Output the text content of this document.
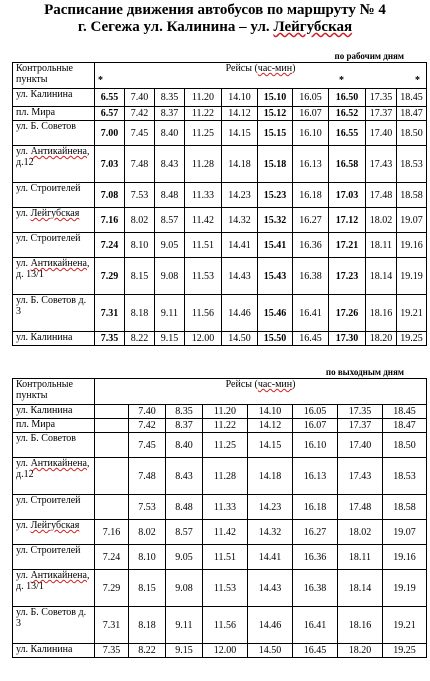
Расписание движения автобусов по маршруту № 4
г. Сегежа ул. Калинина – ул. Лейгубская
по рабочим дням
Контрольные пункты	Рейсы (час-мин)
* * *									

ул. Калинина	6.55	7.40	8.35	11.20	14.10	15.10	16.05	16.50	17.35	18.45
пл. Мира	6.57	7.42	8.37	11.22	14.12	15.12	16.07	16.52	17.37	18.47
ул. Б. Советов	7.00	7.45	8.40	11.25	14.15	15.15	16.10	16.55	17.40	18.50
ул. Антикайнена, д.12	7.03	7.48	8.43	11.28	14.18	15.18	16.13	16.58	17.43	18.53
ул. Строителей	7.08	7.53	8.48	11.33	14.23	15.23	16.18	17.03	17.48	18.58
ул. Лейгубская	7.16	8.02	8.57	11.42	14.32	15.32	16.27	17.12	18.02	19.07
ул. Строителей	7.24	8.10	9.05	11.51	14.41	15.41	16.36	17.21	18.11	19.16
ул. Антикайнена, д. 13/1	7.29	8.15	9.08	11.53	14.43	15.43	16.38	17.23	18.14	19.19
ул. Б. Советов д. 3	7.31	8.18	9.11	11.56	14.46	15.46	16.41	17.26	18.16	19.21
ул. Калинина	7.35	8.22	9.15	12.00	14.50	15.50	16.45	17.30	18.20	19.25
по выходным дням
Контрольные пункты	Рейсы (час-мин)							
ул. Калинина		7.40	8.35	11.20	14.10	16.05	17.35	18.45
пл. Мира		7.42	8.37	11.22	14.12	16.07	17.37	18.47
ул. Б. Советов		7.45	8.40	11.25	14.15	16.10	17.40	18.50
ул. Антикайнена, д.12		7.48	8.43	11.28	14.18	16.13	17.43	18.53
ул. Строителей		7.53	8.48	11.33	14.23	16.18	17.48	18.58
ул. Лейгубская	7.16	8.02	8.57	11.42	14.32	16.27	18.02	19.07
ул. Строителей	7.24	8.10	9.05	11.51	14.41	16.36	18.11	19.16
ул. Антикайнена, д. 13/1	7.29	8.15	9.08	11.53	14.43	16.38	18.14	19.19
ул. Б. Советов д. 3	7.31	8.18	9.11	11.56	14.46	16.41	18.16	19.21
ул. Калинина	7.35	8.22	9.15	12.00	14.50	16.45	18.20	19.25
